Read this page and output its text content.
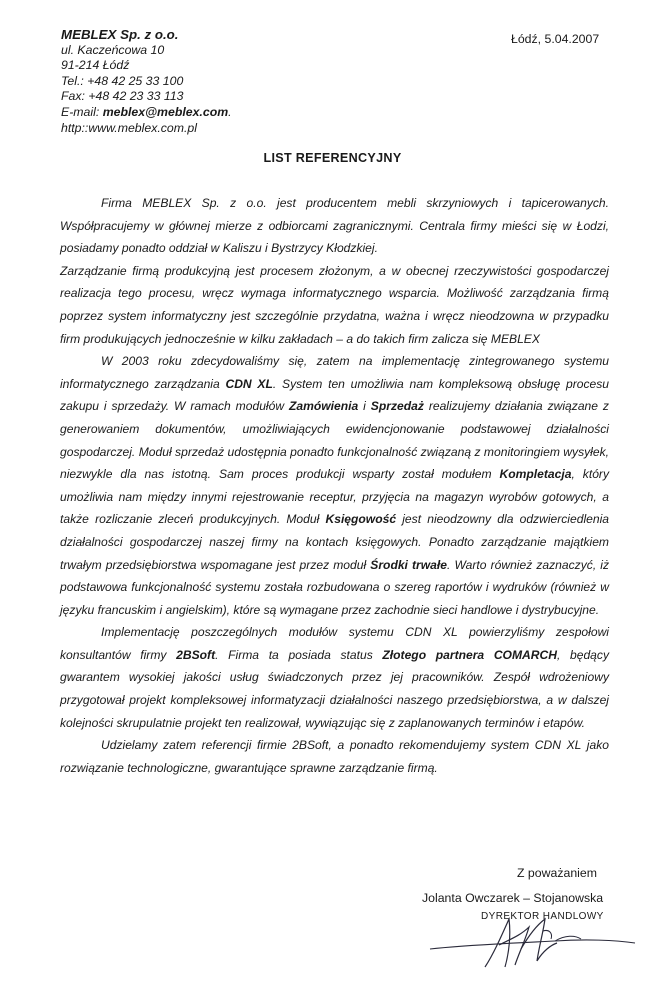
MEBLEX Sp. z o.o.
ul. Kaczeńcowa 10
91-214 Łódź
Tel.: +48 42 25 33 100
Fax: +48 42 23 33 113
E-mail: meblex@meblex.com.
http::www.meblex.com.pl
Łódź, 5.04.2007
LIST REFERENCYJNY

Firma MEBLEX Sp. z o.o. jest producentem mebli skrzyniowych i tapicerowanych. Współpracujemy w głównej mierze z odbiorcami zagranicznymi. Centrala firmy mieści się w Łodzi, posiadamy ponadto oddział w Kaliszu i Bystrzycy Kłodzkiej.

Zarządzanie firmą produkcyjną jest procesem złożonym, a w obecnej rzeczywistości gospodarczej realizacja tego procesu, wręcz wymaga informatycznego wsparcia. Możliwość zarządzania firmą poprzez system informatyczny jest szczególnie przydatna, ważna i wręcz nieodzowna w przypadku firm produkujących jednocześnie w kilku zakładach – a do takich firm zalicza się MEBLEX

W 2003 roku zdecydowaliśmy się, zatem na implementację zintegrowanego systemu informatycznego zarządzania CDN XL. System ten umożliwia nam kompleksową obsługę procesu zakupu i sprzedaży. W ramach modułów Zamówienia i Sprzedaż realizujemy działania związane z generowaniem dokumentów, umożliwiających ewidencjonowanie podstawowej działalności gospodarczej. Moduł sprzedaż udostępnia ponadto funkcjonalność związaną z monitoringiem wysyłek, niezwykle dla nas istotną. Sam proces produkcji wsparty został modułem Kompletacja, który umożliwia nam między innymi rejestrowanie receptur, przyjęcia na magazyn wyrobów gotowych, a także rozliczanie zleceń produkcyjnych. Moduł Księgowość jest nieodzowny dla odzwierciedlenia działalności gospodarczej naszej firmy na kontach księgowych. Ponadto zarządzanie majątkiem trwałym przedsiębiorstwa wspomagane jest przez moduł Środki trwałe. Warto również zaznaczyć, iż podstawowa funkcjonalność systemu została rozbudowana o szereg raportów i wydruków (również w języku francuskim i angielskim), które są wymagane przez zachodnie sieci handlowe i dystrybucyjne.

Implementację poszczególnych modułów systemu CDN XL powierzyliśmy zespołowi konsultantów firmy 2BSoft. Firma ta posiada status Złotego partnera COMARCH, będący gwarantem wysokiej jakości usług świadczonych przez jej pracowników. Zespół wdrożeniowy przygotował projekt kompleksowej informatyzacji działalności naszego przedsiębiorstwa, a w dalszej kolejności skrupulatnie projekt ten realizował, wywiązując się z zaplanowanych terminów i etapów.

Udzielamy zatem referencji firmie 2BSoft, a ponadto rekomendujemy system CDN XL jako rozwiązanie technologiczne, gwarantujące sprawne zarządzanie firmą.

Z poważaniem
Jolanta Owczarek – Stojanowska
DYREKTOR HANDLOWY
